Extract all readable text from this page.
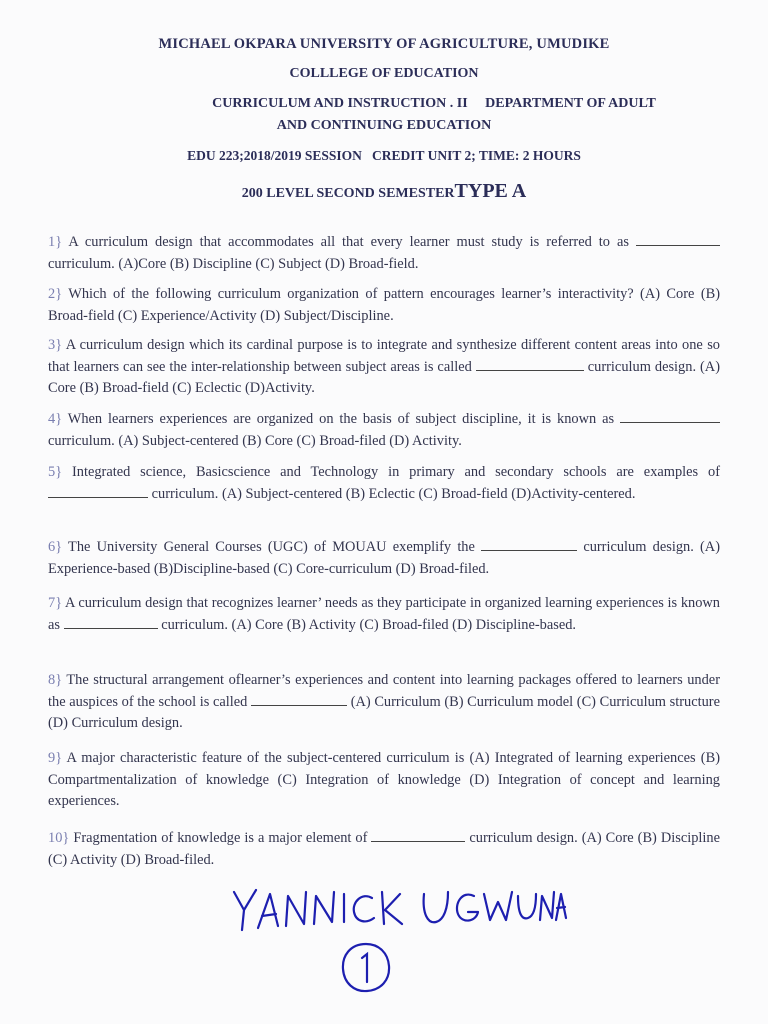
MICHAEL OKPARA UNIVERSITY OF AGRICULTURE, UMUDIKE
COLLLEGE OF EDUCATION
CURRICULUM AND INSTRUCTION . II     DEPARTMENT OF ADULT
AND CONTINUING EDUCATION
EDU 223;2018/2019 SESSION   CREDIT UNIT 2; TIME: 2 HOURS
200 LEVEL SECOND SEMESTERTYPE A
1} A curriculum design that accommodates all that every learner must study is referred to as  curriculum. (A)Core (B) Discipline (C) Subject (D) Broad-field.
2} Which of the following curriculum organization of pattern encourages learner’s interactivity? (A) Core (B) Broad-field (C) Experience/Activity (D) Subject/Discipline.
3} A curriculum design which its cardinal purpose is to integrate and synthesize different content areas into one so that learners can see the inter-relationship between subject areas is called	curriculum design. (A) Core (B) Broad-field (C) Eclectic (D)Activity.
4} When learners experiences are organized on the basis of subject discipline, it is known as  curriculum. (A) Subject-centered (B) Core (C) Broad-filed (D) Activity.
5} Integrated science, Basicscience and Technology in primary and secondary schools are examples of  curriculum. (A) Subject-centered (B) Eclectic (C) Broad-field (D)Activity-centered.
6} The University General Courses (UGC) of MOUAU exemplify the	curriculum design. (A) Experience-based (B)Discipline-based (C) Core-curriculum (D) Broad-filed.
7} A curriculum design that recognizes learner’ needs as they participate in organized learning experiences is known as	curriculum. (A) Core (B) Activity (C) Broad-filed (D) Discipline-based.
8} The structural arrangement oflearner’s experiences and content into learning packages offered to learners under the auspices of the school is called	(A) Curriculum (B) Curriculum model (C) Curriculum structure (D) Curriculum design.
9} A major characteristic feature of the subject-centered curriculum is (A) Integrated of learning experiences (B) Compartmentalization of knowledge (C) Integration of knowledge (D) Integration of concept and learning experiences.
10} Fragmentation of knowledge is a major element of	curriculum design. (A) Core (B) Discipline (C) Activity (D) Broad-filed.
